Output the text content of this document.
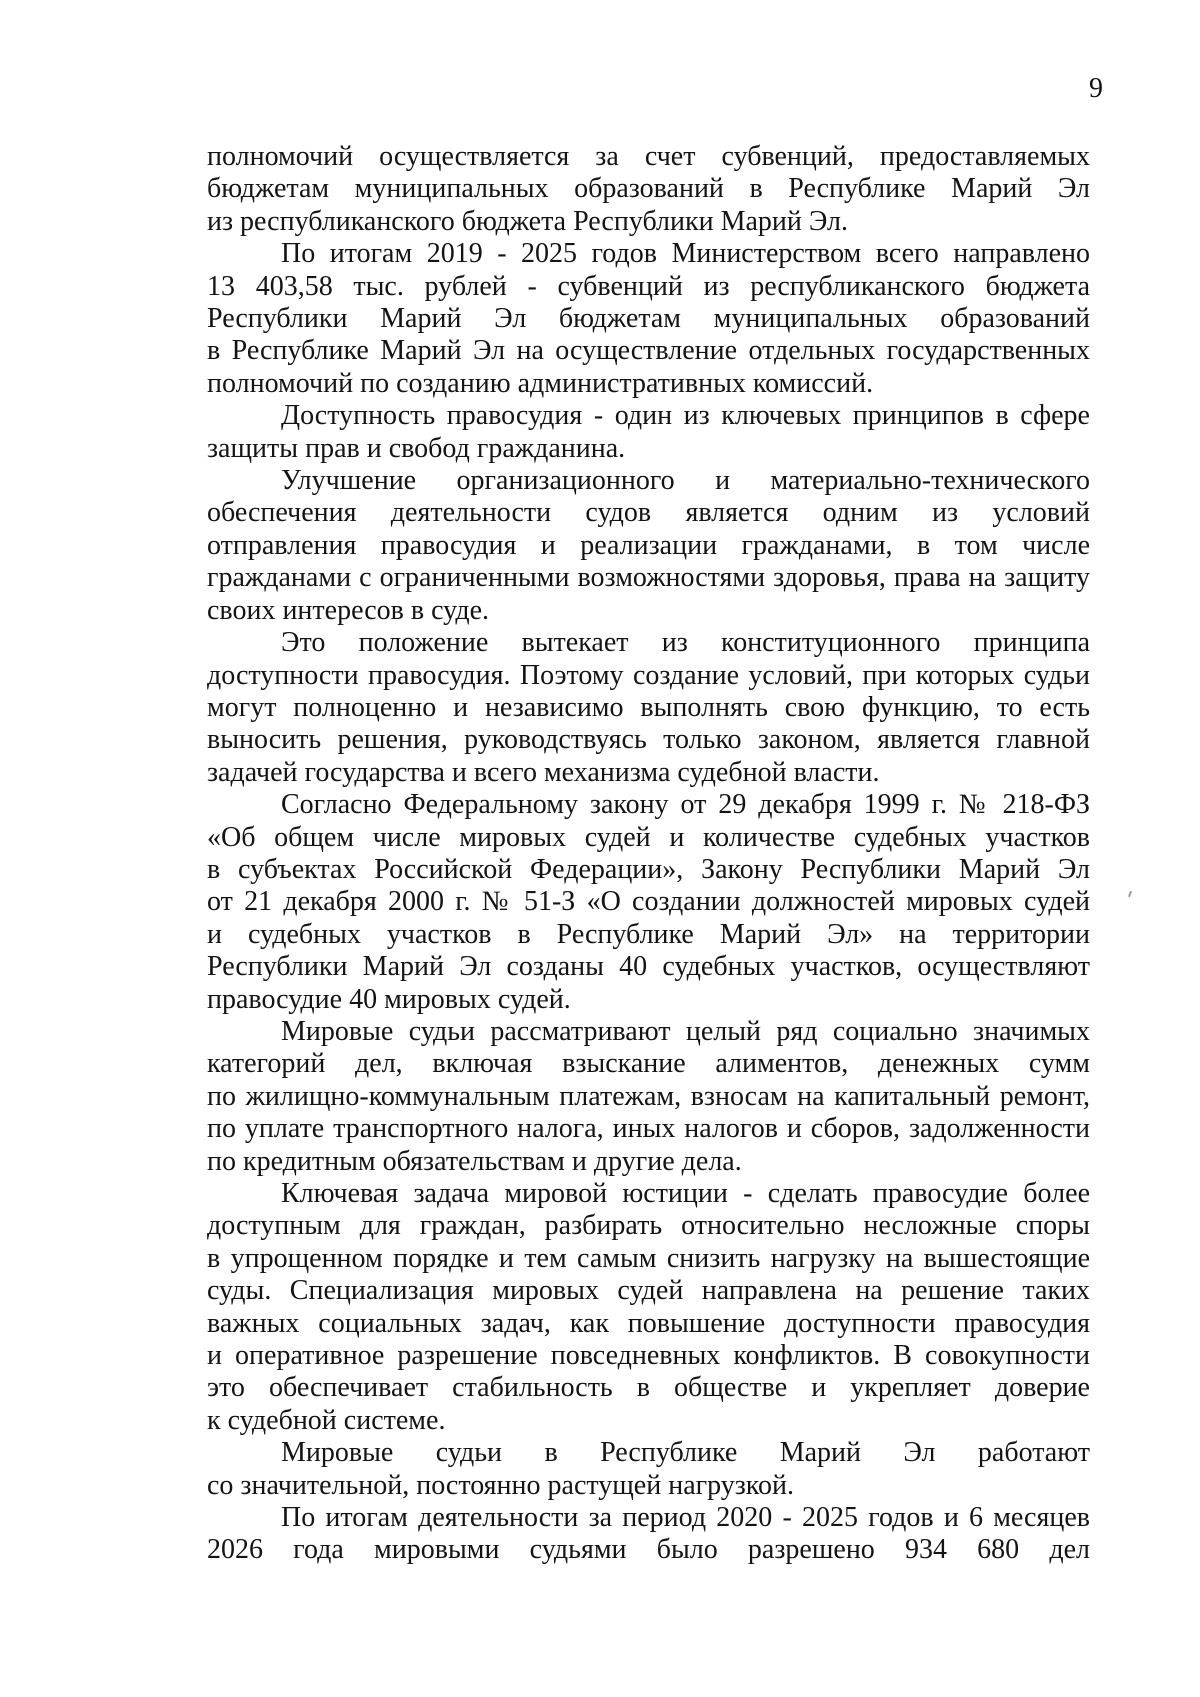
9

полномочий осуществляется за счет субвенций, предоставляемых
бюджетам муниципальных образований в Республике Марий Эл
из республиканского бюджета Республики Марий Эл.

По итогам 2019 - 2025 годов Министерством всего направлено
13 403,58 тыс. рублей - субвенций из республиканского бюджета
Республики Марий Эл бюджетам муниципальных образований
в Республике Марий Эл на осуществление отдельных государственных
полномочий по созданию административных комиссий.

Доступность правосудия - один из ключевых принципов в сфере
защиты прав и свобод гражданина.

Улучшение организационного и материально-технического
обеспечения деятельности судов является одним из условий
отправления правосудия и реализации гражданами, в том числе
гражданами с ограниченными возможностями здоровья, права на защиту
своих интересов в суде.

Это положение вытекает из конституционного принципа
доступности правосудия. Поэтому создание условий, при которых судьи
могут полноценно и независимо выполнять свою функцию, то есть
выносить решения, руководствуясь только законом, является главной
задачей государства и всего механизма судебной власти.

Согласно Федеральному закону от 29 декабря 1999 г. № 218-ФЗ
«Об общем числе мировых судей и количестве судебных участков
в субъектах Российской Федерации», Закону Республики Марий Эл
от 21 декабря 2000 г. № 51-З «О создании должностей мировых судей
и судебных участков в Республике Марий Эл» на территории
Республики Марий Эл созданы 40 судебных участков, осуществляют
правосудие 40 мировых судей.

Мировые судьи рассматривают целый ряд социально значимых
категорий дел, включая взыскание алиментов, денежных сумм
по жилищно-коммунальным платежам, взносам на капитальный ремонт,
по уплате транспортного налога, иных налогов и сборов, задолженности
по кредитным обязательствам и другие дела.

Ключевая задача мировой юстиции - сделать правосудие более
доступным для граждан, разбирать относительно несложные споры
в упрощенном порядке и тем самым снизить нагрузку на вышестоящие
суды. Специализация мировых судей направлена на решение таких
важных социальных задач, как повышение доступности правосудия
и оперативное разрешение повседневных конфликтов. В совокупности
это обеспечивает стабильность в обществе и укрепляет доверие
к судебной системе.

Мировые судьи в Республике Марий Эл работают
со значительной, постоянно растущей нагрузкой.

По итогам деятельности за период 2020 - 2025 годов и 6 месяцев
2026 года мировыми судьями было разрешено 934 680 дел
